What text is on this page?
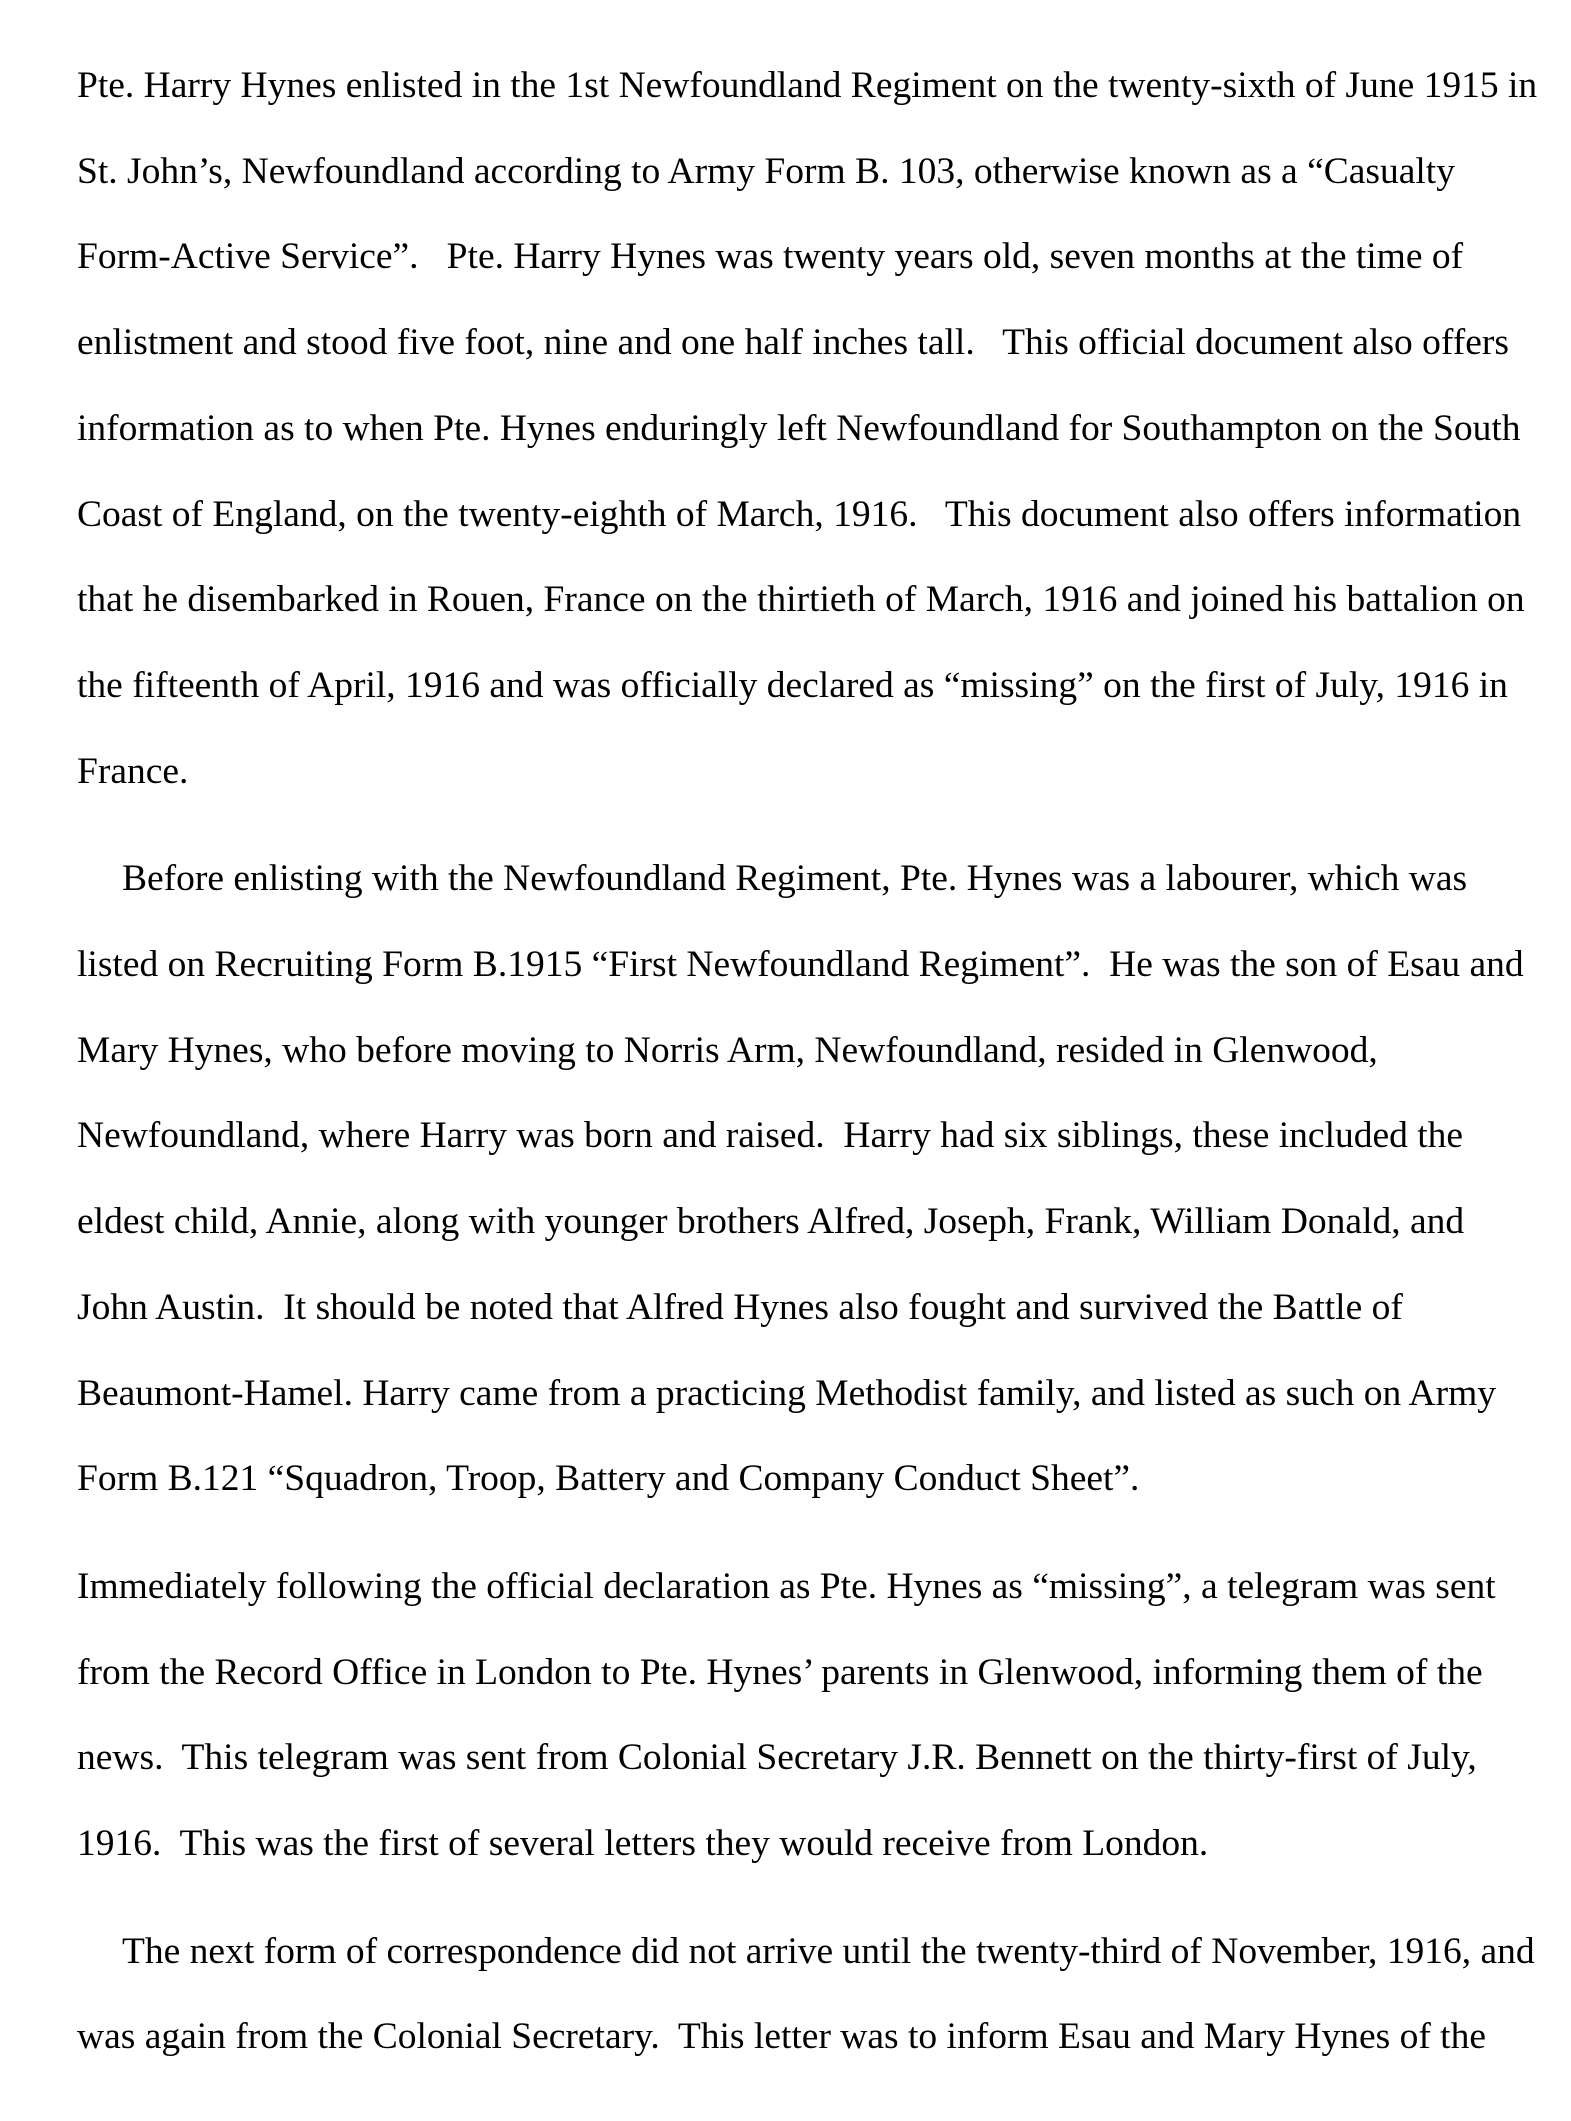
Pte. Harry Hynes enlisted in the 1st Newfoundland Regiment on the twenty-sixth of June 1915 in
St. John’s, Newfoundland according to Army Form B. 103, otherwise known as a “Casualty
Form-Active Service”.   Pte. Harry Hynes was twenty years old, seven months at the time of
enlistment and stood five foot, nine and one half inches tall.   This official document also offers
information as to when Pte. Hynes enduringly left Newfoundland for Southampton on the South
Coast of England, on the twenty-eighth of March, 1916.   This document also offers information
that he disembarked in Rouen, France on the thirtieth of March, 1916 and joined his battalion on
the fifteenth of April, 1916 and was officially declared as “missing” on the first of July, 1916 in
France.
Before enlisting with the Newfoundland Regiment, Pte. Hynes was a labourer, which was
listed on Recruiting Form B.1915 “First Newfoundland Regiment”.  He was the son of Esau and
Mary Hynes, who before moving to Norris Arm, Newfoundland, resided in Glenwood,
Newfoundland, where Harry was born and raised.  Harry had six siblings, these included the
eldest child, Annie, along with younger brothers Alfred, Joseph, Frank, William Donald, and
John Austin.  It should be noted that Alfred Hynes also fought and survived the Battle of
Beaumont-Hamel. Harry came from a practicing Methodist family, and listed as such on Army
Form B.121 “Squadron, Troop, Battery and Company Conduct Sheet”.
Immediately following the official declaration as Pte. Hynes as “missing”, a telegram was sent
from the Record Office in London to Pte. Hynes’ parents in Glenwood, informing them of the
news.  This telegram was sent from Colonial Secretary J.R. Bennett on the thirty-first of July,
1916.  This was the first of several letters they would receive from London.
The next form of correspondence did not arrive until the twenty-third of November, 1916, and
was again from the Colonial Secretary.  This letter was to inform Esau and Mary Hynes of the
